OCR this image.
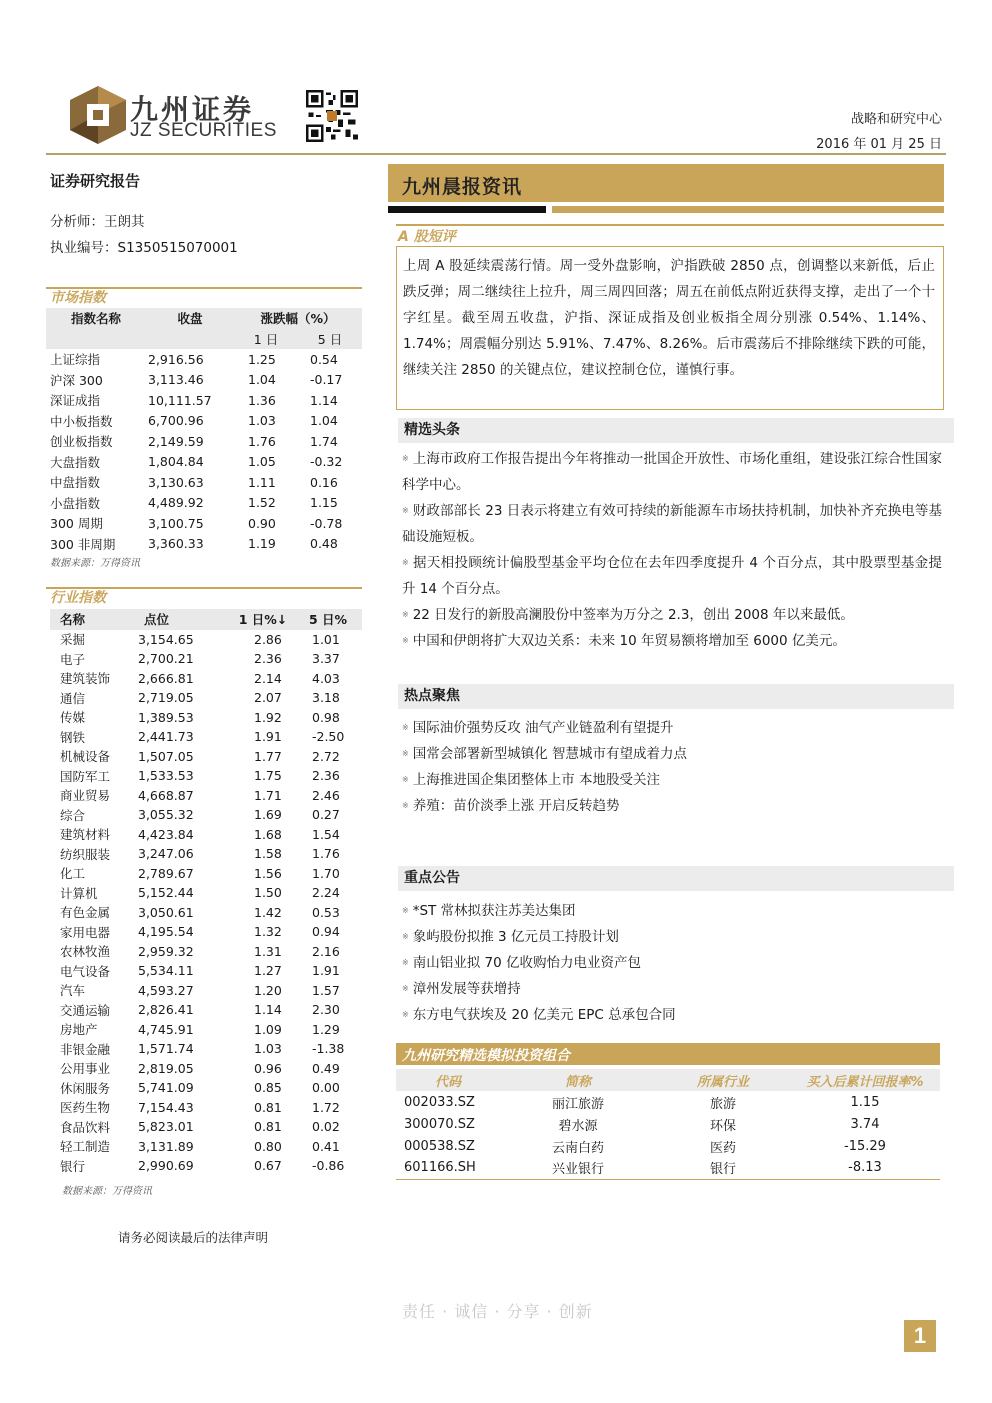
九州证券
JZ SECURITIES
战略和研究中心
2016 年 01 月 25 日
证券研究报告
分析师：王朗其
执业编号：S1350515070001
市场指数
指数名称	收盘	涨跌幅（%）	
		1 日	5 日
上证综指	2,916.56	1.25	0.54
沪深 300	3,113.46	1.04	-0.17
深证成指	10,111.57	1.36	1.14
中小板指数	6,700.96	1.03	1.04
创业板指数	2,149.59	1.76	1.74
大盘指数	1,804.84	1.05	-0.32
中盘指数	3,130.63	1.11	0.16
小盘指数	4,489.92	1.52	1.15
300 周期	3,100.75	0.90	-0.78
300 非周期	3,360.33	1.19	0.48
数据来源：万得资讯
行业指数
名称	点位	1 日%↓	5 日%
采掘	3,154.65	2.86	1.01
电子	2,700.21	2.36	3.37
建筑装饰	2,666.81	2.14	4.03
通信	2,719.05	2.07	3.18
传媒	1,389.53	1.92	0.98
钢铁	2,441.73	1.91	-2.50
机械设备	1,507.05	1.77	2.72
国防军工	1,533.53	1.75	2.36
商业贸易	4,668.87	1.71	2.46
综合	3,055.32	1.69	0.27
建筑材料	4,423.84	1.68	1.54
纺织服装	3,247.06	1.58	1.76
化工	2,789.67	1.56	1.70
计算机	5,152.44	1.50	2.24
有色金属	3,050.61	1.42	0.53
家用电器	4,195.54	1.32	0.94
农林牧渔	2,959.32	1.31	2.16
电气设备	5,534.11	1.27	1.91
汽车	4,593.27	1.20	1.57
交通运输	2,826.41	1.14	2.30
房地产	4,745.91	1.09	1.29
非银金融	1,571.74	1.03	-1.38
公用事业	2,819.05	0.96	0.49
休闲服务	5,741.09	0.85	0.00
医药生物	7,154.43	0.81	1.72
食品饮料	5,823.01	0.81	0.02
轻工制造	3,131.89	0.80	0.41
银行	2,990.69	0.67	-0.86
数据来源：万得资讯
九州晨报资讯
A 股短评
上周 A 股延续震荡行情。周一受外盘影响，沪指跌破 2850 点，创调整以来新低，后止跌反弹；周二继续往上拉升，周三周四回落；周五在前低点附近获得支撑，走出了一个十字红星。截至周五收盘，沪指、深证成指及创业板指全周分别涨 0.54%、1.14%、1.74%；周震幅分别达 5.91%、7.47%、8.26%。后市震荡后不排除继续下跌的可能，继续关注 2850 的关键点位，建议控制仓位，谨慎行事。
精选头条
※ 上海市政府工作报告提出今年将推动一批国企开放性、市场化重组，建设张江综合性国家科学中心。
※ 财政部部长 23 日表示将建立有效可持续的新能源车市场扶持机制，加快补齐充换电等基础设施短板。
※ 据天相投顾统计偏股型基金平均仓位在去年四季度提升 4 个百分点，其中股票型基金提升 14 个百分点。
※ 22 日发行的新股高澜股份中签率为万分之 2.3，创出 2008 年以来最低。
※ 中国和伊朗将扩大双边关系：未来 10 年贸易额将增加至 6000 亿美元。
热点聚焦
※ 国际油价强势反攻 油气产业链盈利有望提升
※ 国常会部署新型城镇化 智慧城市有望成着力点
※ 上海推进国企集团整体上市 本地股受关注
※ 养殖：苗价淡季上涨 开启反转趋势
重点公告
※ *ST 常林拟获注苏美达集团
※ 象屿股份拟推 3 亿元员工持股计划
※ 南山铝业拟 70 亿收购怡力电业资产包
※ 漳州发展等获增持
※ 东方电气获埃及 20 亿美元 EPC 总承包合同
九州研究精选模拟投资组合
代码	简称	所属行业	买入后累计回报率%
002033.SZ	丽江旅游	旅游	1.15
300070.SZ	碧水源	环保	3.74
000538.SZ	云南白药	医药	-15.29
601166.SH	兴业银行	银行	-8.13
请务必阅读最后的法律声明
责任 · 诚信 · 分享 · 创新
1
